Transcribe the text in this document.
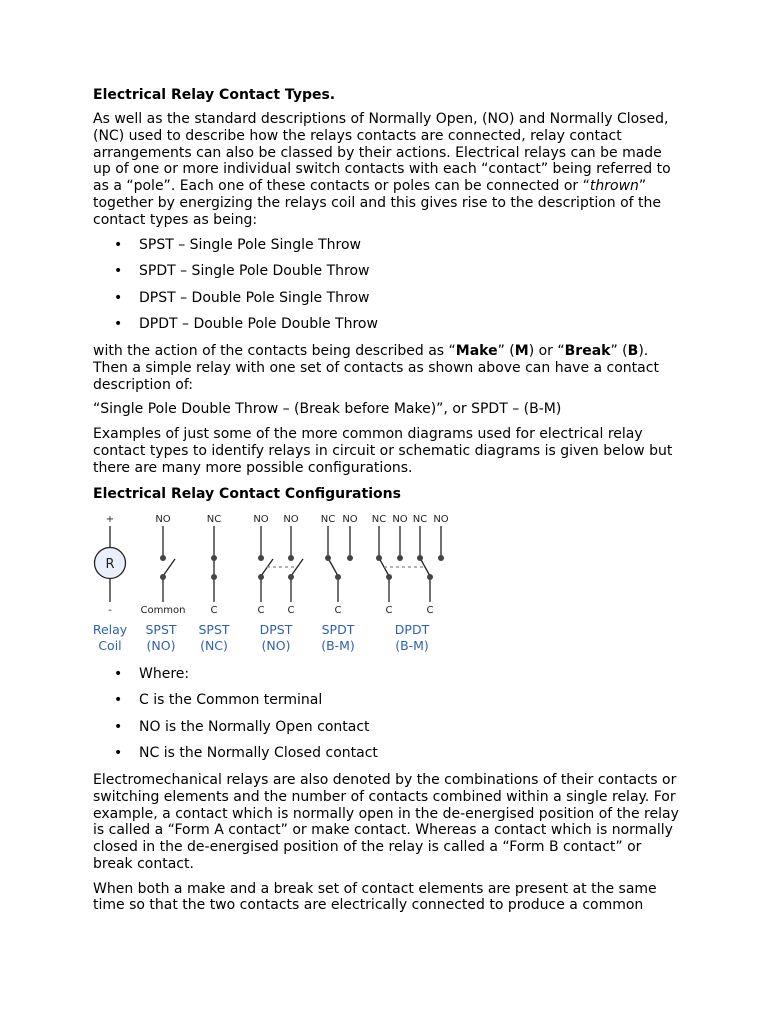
Electrical Relay Contact Types.

As well as the standard descriptions of Normally Open, (NO) and Normally Closed, (NC) used to describe how the relays contacts are connected, relay contact arrangements can also be classed by their actions. Electrical relays can be made up of one or more individual switch contacts with each “contact” being referred to as a “pole”. Each one of these contacts or poles can be connected or “thrown” together by energizing the relays coil and this gives rise to the description of the contact types as being:

• SPST – Single Pole Single Throw
• SPDT – Single Pole Double Throw
• DPST – Double Pole Single Throw
• DPDT – Double Pole Double Throw

with the action of the contacts being described as “Make” (M) or “Break” (B). Then a simple relay with one set of contacts as shown above can have a contact description of:

“Single Pole Double Throw – (Break before Make)”, or SPDT – (B-M)

Examples of just some of the more common diagrams used for electrical relay contact types to identify relays in circuit or schematic diagrams is given below but there are many more possible configurations.

Electrical Relay Contact Configurations
+
-
R
NO
Common
NC
C
NO NO
C C
NC NO
C
NC NO NC NO
C	C
Relay
Coil
SPST
(NO)
SPST
(NC)
DPST
(NO)
SPDT
(B-M)
DPDT
(B-M)
• Where:
• C is the Common terminal
• NO is the Normally Open contact
• NC is the Normally Closed contact

Electromechanical relays are also denoted by the combinations of their contacts or switching elements and the number of contacts combined within a single relay. For example, a contact which is normally open in the de-energised position of the relay is called a “Form A contact” or make contact. Whereas a contact which is normally closed in the de-energised position of the relay is called a “Form B contact” or break contact.

When both a make and a break set of contact elements are present at the same time so that the two contacts are electrically connected to produce a common
